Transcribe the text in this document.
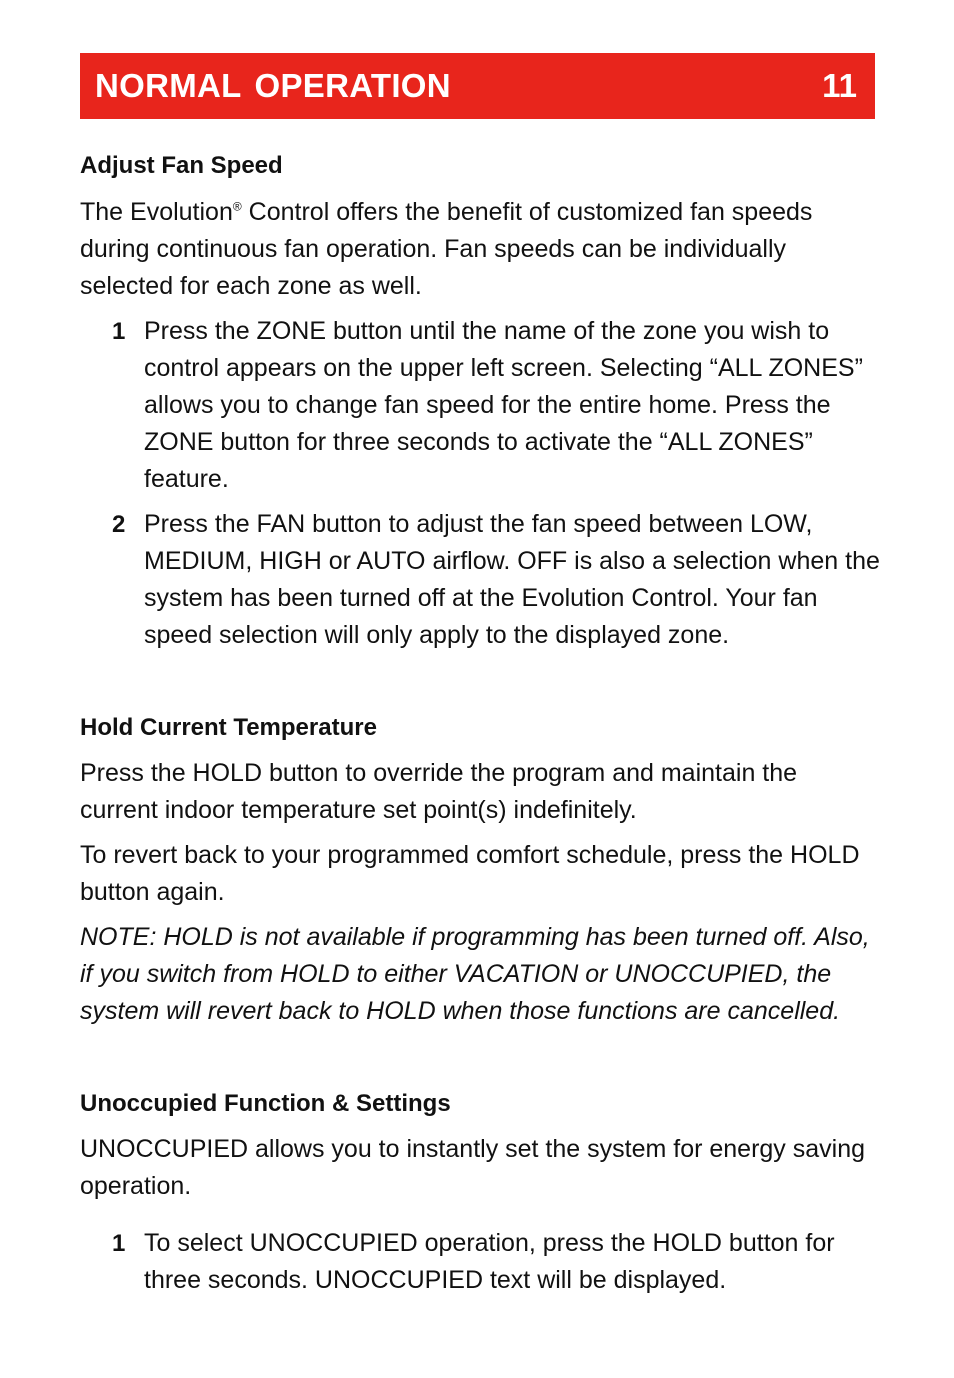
NORMAL OPERATION	11
Adjust Fan Speed

The Evolution® Control offers the benefit of customized fan speeds during continuous fan operation. Fan speeds can be individually selected for each zone as well.

1 Press the ZONE button until the name of the zone you wish to control appears on the upper left screen. Selecting “ALL ZONES” allows you to change fan speed for the entire home. Press the ZONE button for three seconds to activate the “ALL ZONES” feature.
2 Press the FAN button to adjust the fan speed between LOW, MEDIUM, HIGH or AUTO airflow. OFF is also a selection when the system has been turned off at the Evolution Control. Your fan speed selection will only apply to the displayed zone.
Hold Current Temperature

Press the HOLD button to override the program and maintain the current indoor temperature set point(s) indefinitely.

To revert back to your programmed comfort schedule, press the HOLD button again.

NOTE: HOLD is not available if programming has been turned off. Also, if you switch from HOLD to either VACATION or UNOCCUPIED, the system will revert back to HOLD when those functions are cancelled.

Unoccupied Function & Settings

UNOCCUPIED allows you to instantly set the system for energy saving operation.

1 To select UNOCCUPIED operation, press the HOLD button for three seconds. UNOCCUPIED text will be displayed.
